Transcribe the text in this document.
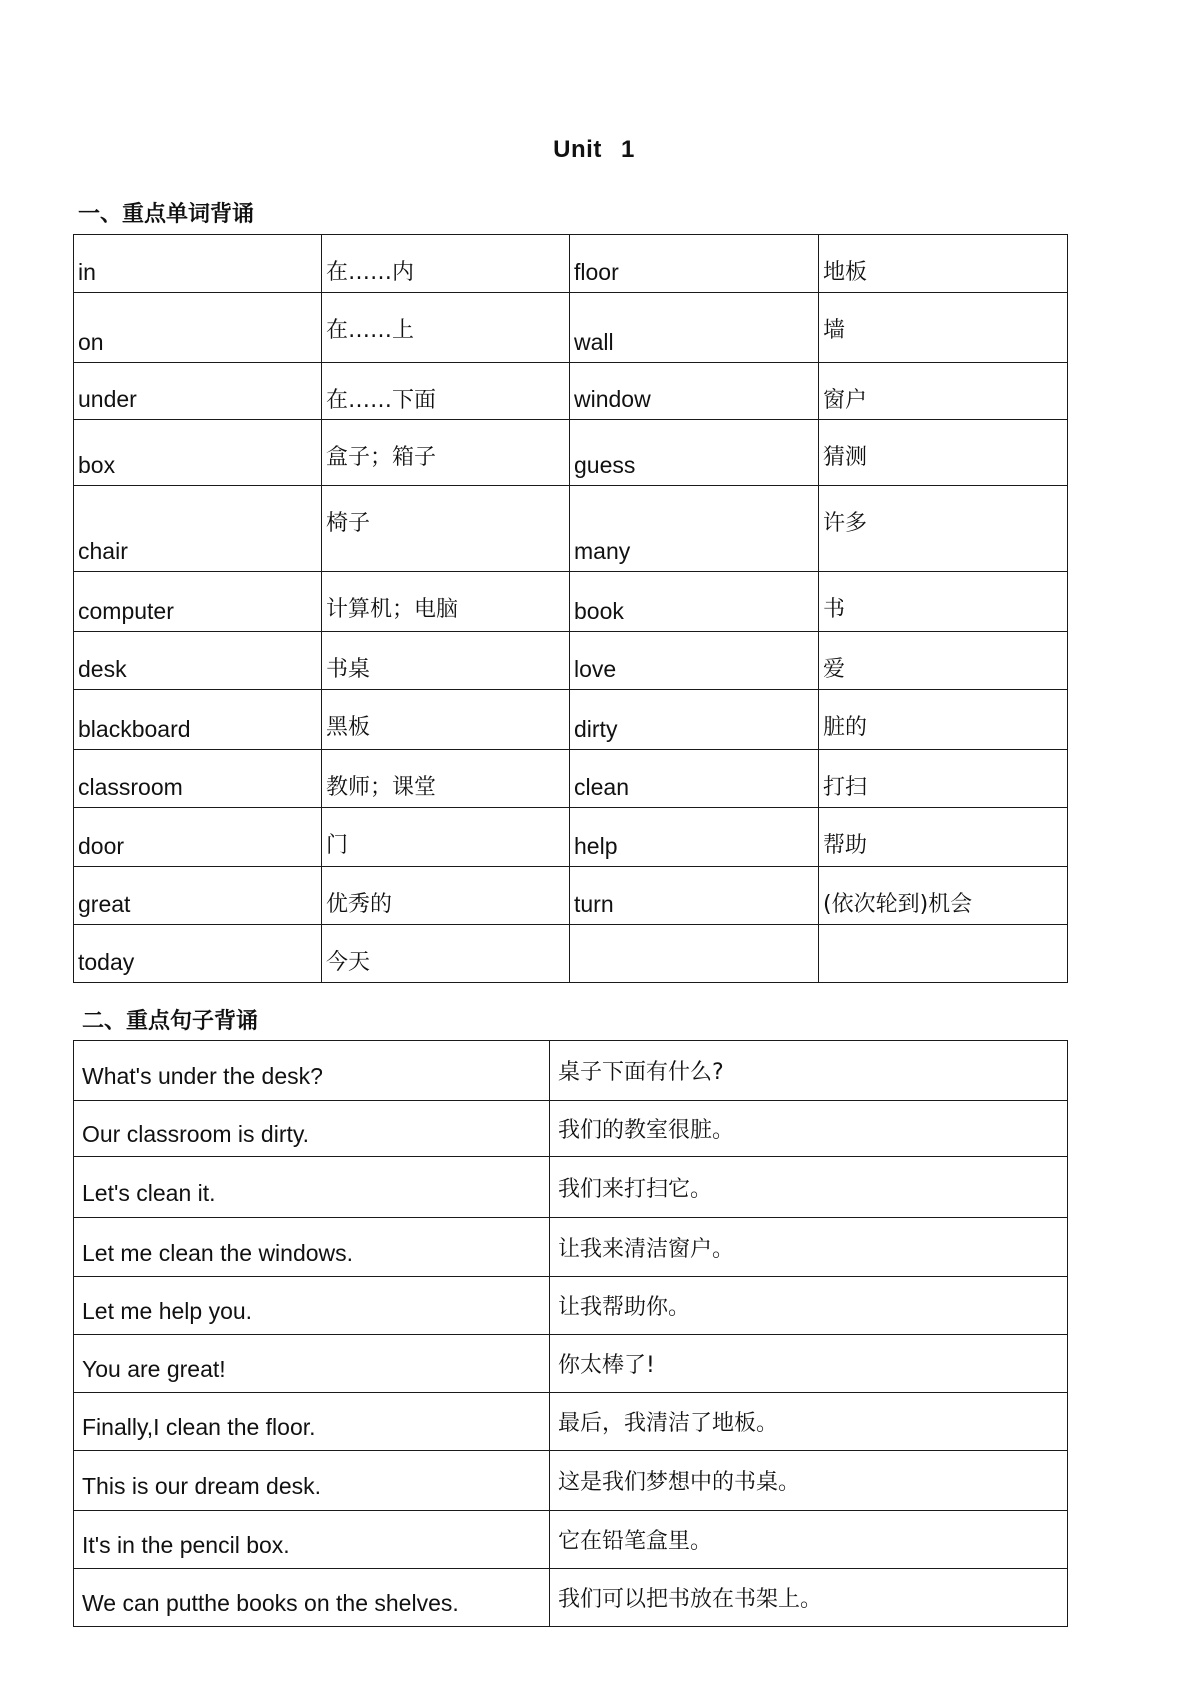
Unit 1
一、重点单词背诵
in	在……内	floor	地板
on	在……上	wall	墙
under	在……下面	window	窗户
box	盒子；箱子	guess	猜测
chair	椅子	many	许多
computer	计算机；电脑	book	书
desk	书桌	love	爱
blackboard	黑板	dirty	脏的
classroom	教师；课堂	clean	打扫
door	门	help	帮助
great	优秀的	turn	(依次轮到)机会
today	今天		
二、重点句子背诵
What's under the desk?	桌子下面有什么?
Our classroom is dirty.	我们的教室很脏。
Let's clean it.	我们来打扫它。
Let me clean the windows.	让我来清洁窗户。
Let me help you.	让我帮助你。
You are great!	你太棒了!
Finally,I clean the floor.	最后，我清洁了地板。
This is our dream desk.	这是我们梦想中的书桌。
It's in the pencil box.	它在铅笔盒里。
We can putthe books on the shelves.	我们可以把书放在书架上。
